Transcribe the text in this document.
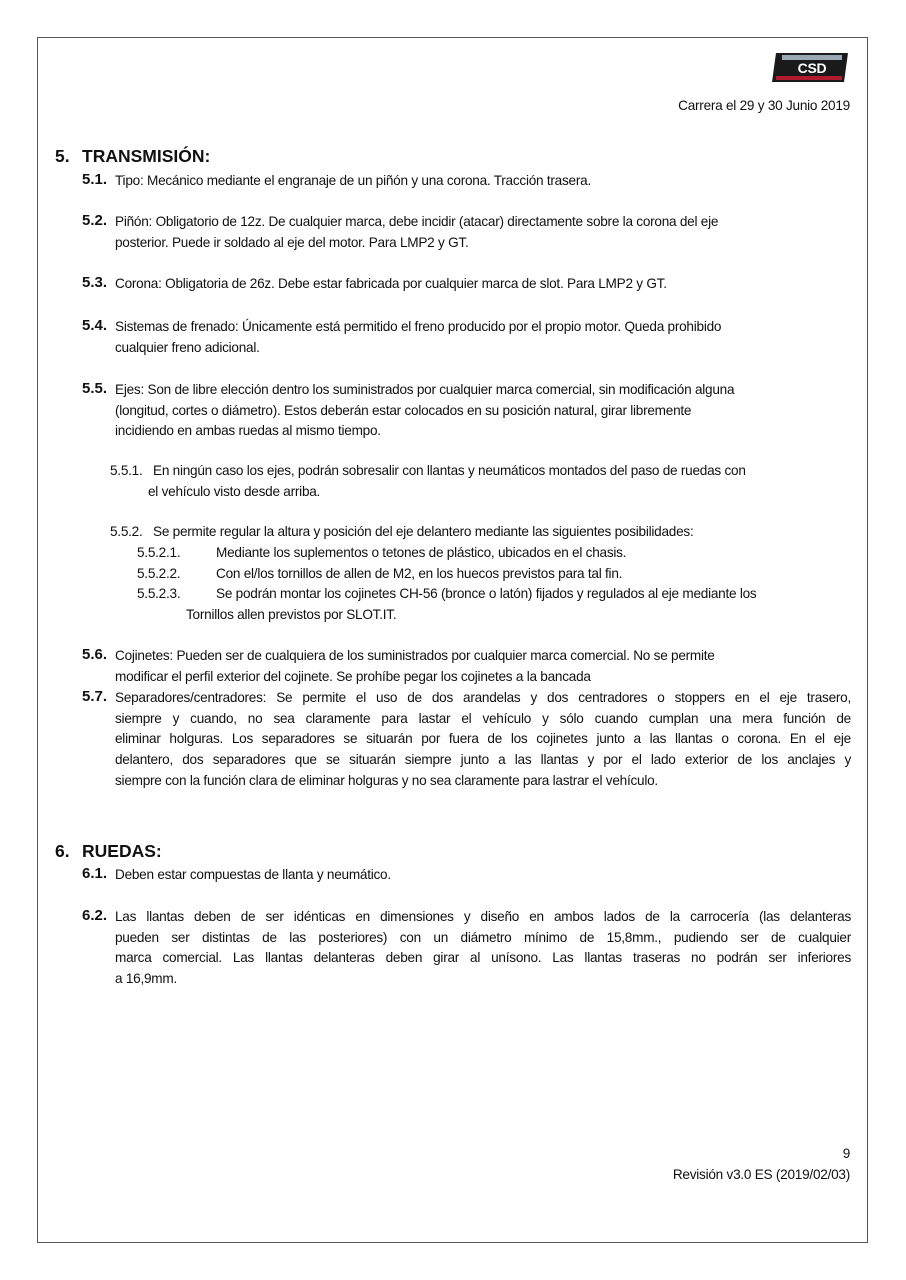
CSD
Carrera el 29 y 30 Junio 2019
5. TRANSMISIÓN:
9
Revisión v3.0 ES (2019/02/03)
5.1. Tipo: Mecánico mediante el engranaje de un piñón y una corona. Tracción trasera.
5.2. Piñón: Obligatorio de 12z. De cualquier marca, debe incidir (atacar) directamente sobre la corona del eje
posterior. Puede ir soldado al eje del motor. Para LMP2 y GT.
5.3. Corona: Obligatoria de 26z. Debe estar fabricada por cualquier marca de slot. Para LMP2 y GT.
5.4. Sistemas de frenado: Únicamente está permitido el freno producido por el propio motor. Queda prohibido
cualquier freno adicional.
5.5. Ejes: Son de libre elección dentro los suministrados por cualquier marca comercial, sin modificación alguna
(longitud, cortes o diámetro). Estos deberán estar colocados en su posición natural, girar libremente
incidiendo en ambas ruedas al mismo tiempo.
5.5.1. En ningún caso los ejes, podrán sobresalir con llantas y neumáticos montados del paso de ruedas con
el vehículo visto desde arriba.
5.5.2. Se permite regular la altura y posición del eje delantero mediante las siguientes posibilidades:
5.5.2.1.	Mediante los suplementos o tetones de plástico, ubicados en el chasis.
5.5.2.2.	Con el/los tornillos de allen de M2, en los huecos previstos para tal fin.
5.5.2.3.	Se podrán montar los cojinetes CH-56 (bronce o latón) fijados y regulados al eje mediante los
Tornillos allen previstos por SLOT.IT.
5.6. Cojinetes: Pueden ser de cualquiera de los suministrados por cualquier marca comercial. No se permite
modificar el perfil exterior del cojinete. Se prohíbe pegar los cojinetes a la bancada
5.7. Separadores/centradores: Se permite el uso de dos arandelas y dos centradores o stoppers en el eje trasero,
siempre y cuando, no sea claramente para lastar el vehículo y sólo cuando cumplan una mera función de
eliminar holguras. Los separadores se situarán por fuera de los cojinetes junto a las llantas o corona. En el eje
delantero, dos separadores que se situarán siempre junto a las llantas y por el lado exterior de los anclajes y
siempre con la función clara de eliminar holguras y no sea claramente para lastrar el vehículo.
6.1. Deben estar compuestas de llanta y neumático.
6.2. Las llantas deben de ser idénticas en dimensiones y diseño en ambos lados de la carrocería (las delanteras
pueden ser distintas de las posteriores) con un diámetro mínimo de 15,8mm., pudiendo ser de cualquier
marca comercial. Las llantas delanteras deben girar al unísono. Las llantas traseras no podrán ser inferiores
a 16,9mm.
6. RUEDAS:
